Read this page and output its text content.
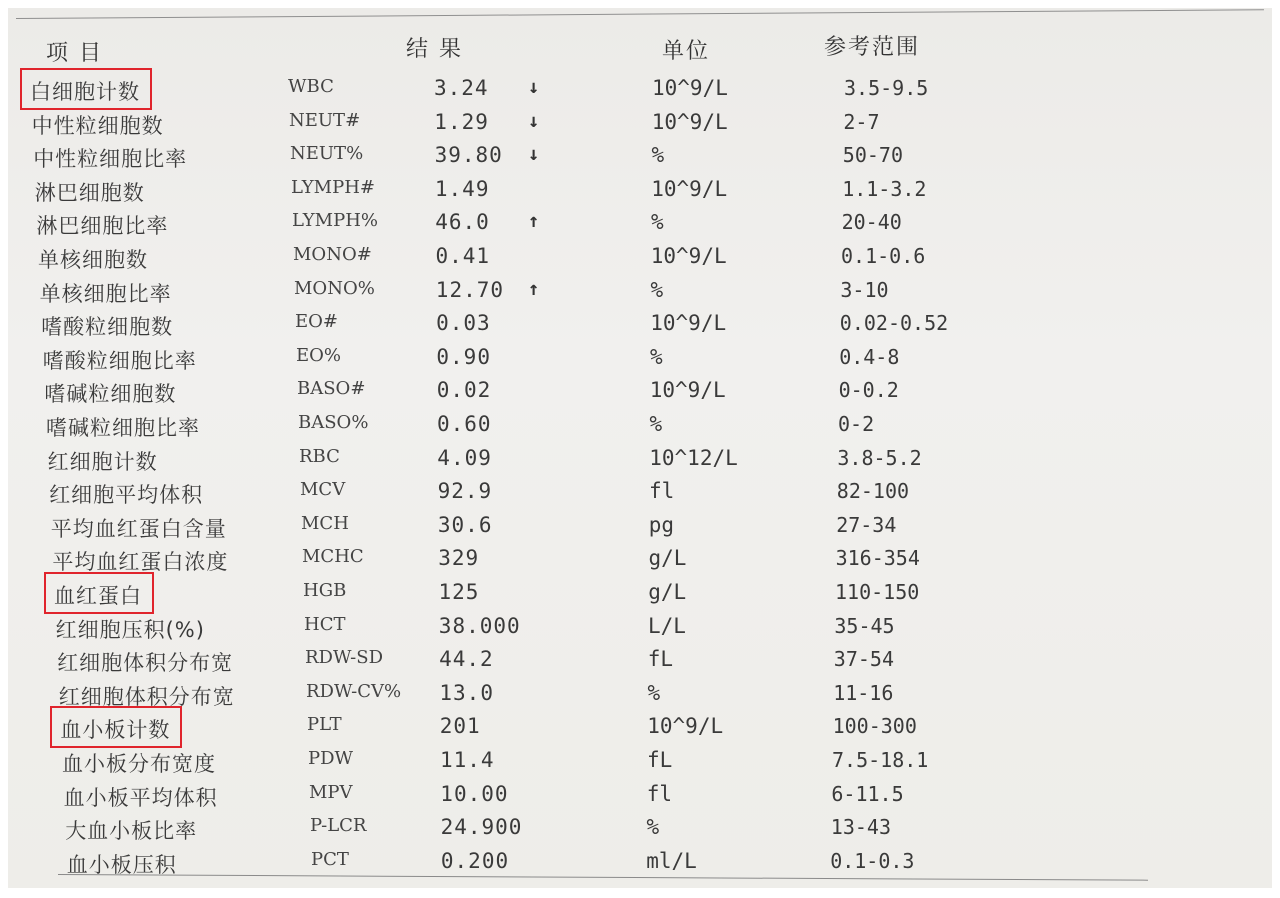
项 目	结 果	单位	参考范围
白细胞计数	WBC	3.24 ↓	10^9/L	3.5-9.5
中性粒细胞数	NEUT#	1.29 ↓	10^9/L	2-7
中性粒细胞比率	NEUT%	39.80 ↓	%	50-70
淋巴细胞数	LYMPH#	1.49	10^9/L	1.1-3.2
淋巴细胞比率	LYMPH%	46.0 ↑	%	20-40
单核细胞数	MONO#	0.41	10^9/L	0.1-0.6
单核细胞比率	MONO%	12.70 ↑	%	3-10
嗜酸粒细胞数	EO#	0.03	10^9/L	0.02-0.52
嗜酸粒细胞比率	EO%	0.90	%	0.4-8
嗜碱粒细胞数	BASO#	0.02	10^9/L	0-0.2
嗜碱粒细胞比率	BASO%	0.60	%	0-2
红细胞计数	RBC	4.09	10^12/L	3.8-5.2
红细胞平均体积	MCV	92.9	fl	82-100
平均血红蛋白含量	MCH	30.6	pg	27-34
平均血红蛋白浓度	MCHC	329	g/L	316-354
血红蛋白	HGB	125	g/L	110-150
红细胞压积(%)	HCT	38.000	L/L	35-45
红细胞体积分布宽	RDW-SD	44.2	fL	37-54
红细胞体积分布宽	RDW-CV% 13.0	%	11-16
血小板计数	PLT	201	10^9/L	100-300
血小板分布宽度	PDW	11.4	fL	7.5-18.1
血小板平均体积	MPV	10.00	fl	6-11.5
大血小板比率	P-LCR	24.900	%	13-43
血小板压积	PCT	0.200	ml/L	0.1-0.3
